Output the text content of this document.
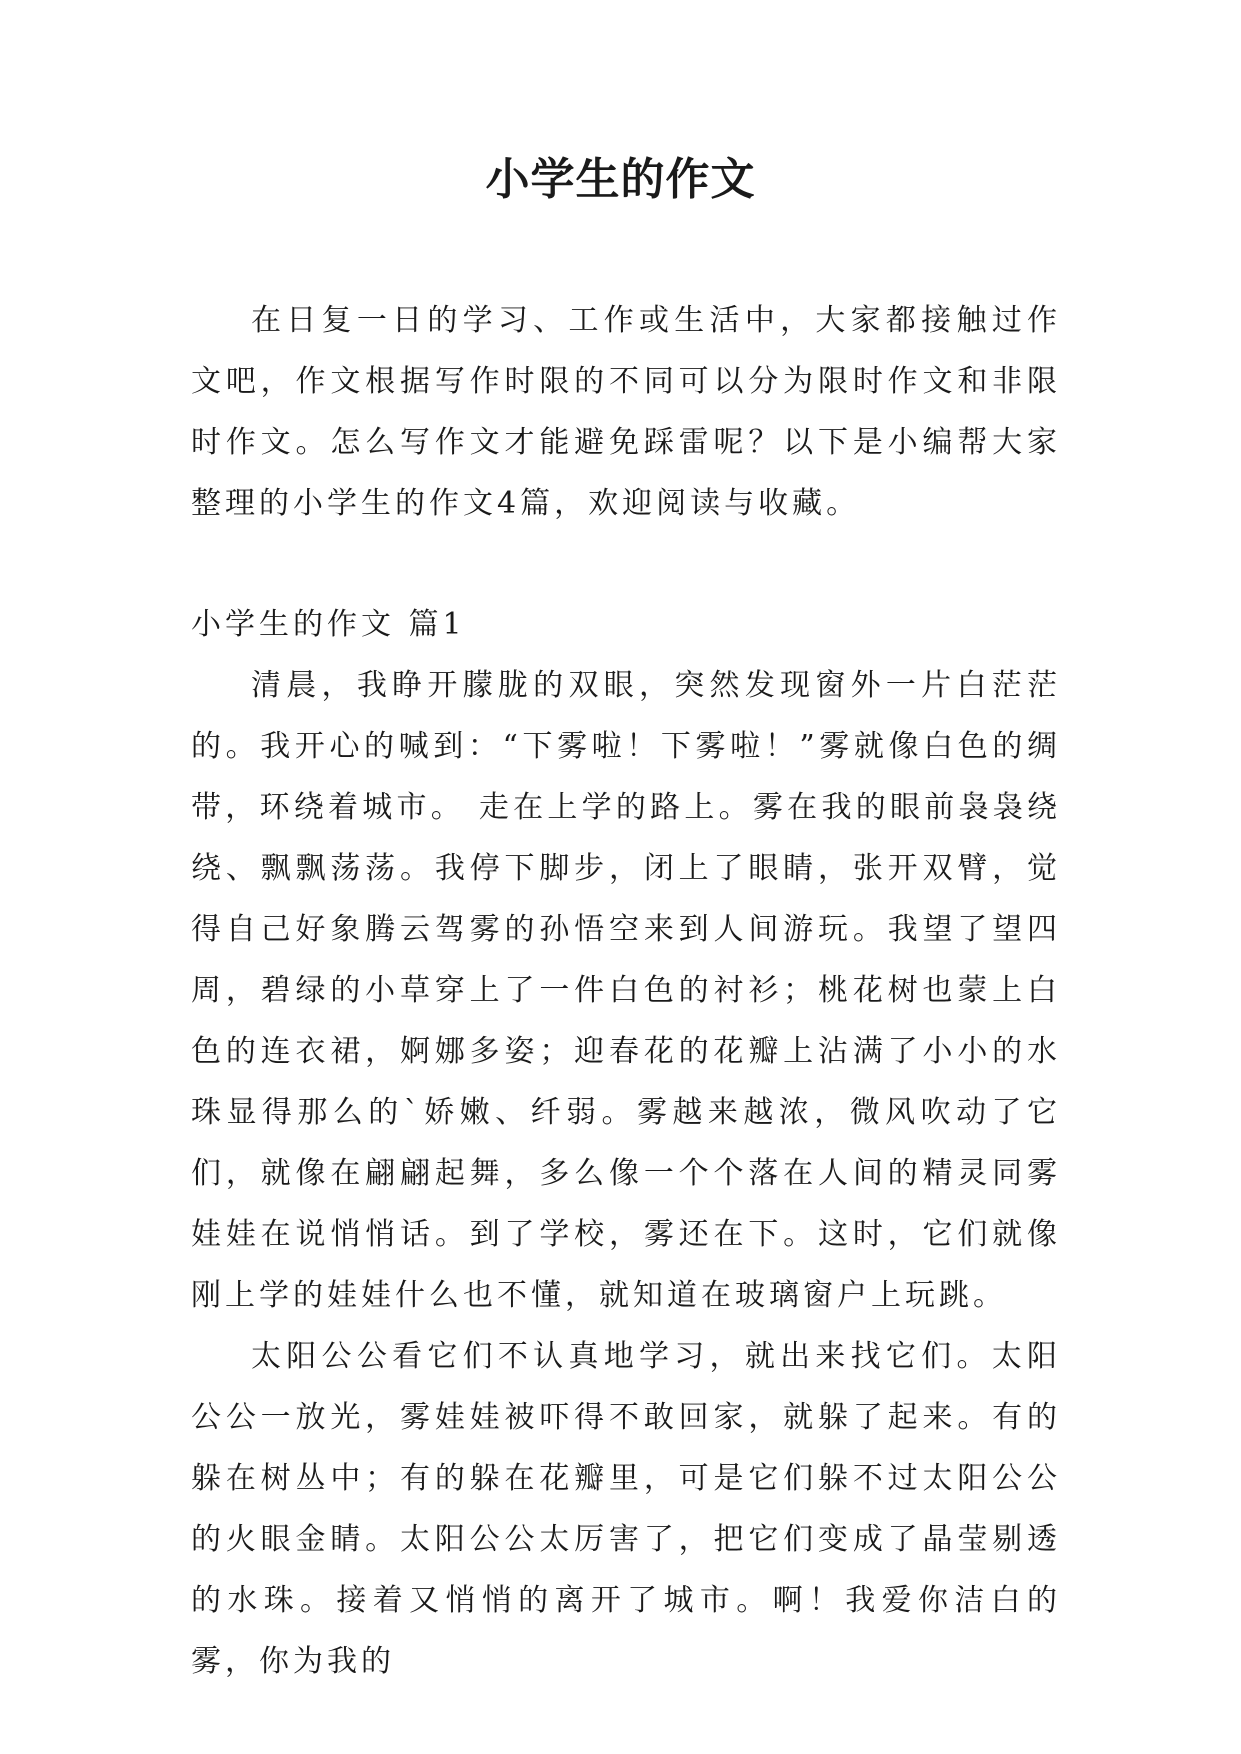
小学生的作文

在日复一日的学习、工作或生活中，大家都接触过作文吧，作文根据写作时限的不同可以分为限时作文和非限时作文。怎么写作文才能避免踩雷呢？以下是小编帮大家整理的小学生的作文4篇，欢迎阅读与收藏。

小学生的作文 篇1

清晨，我睁开朦胧的双眼，突然发现窗外一片白茫茫的。我开心的喊到：“下雾啦！下雾啦！”雾就像白色的绸带，环绕着城市。 走在上学的路上。雾在我的眼前袅袅绕绕、飘飘荡荡。我停下脚步，闭上了眼睛，张开双臂，觉得自己好象腾云驾雾的孙悟空来到人间游玩。我望了望四周，碧绿的小草穿上了一件白色的衬衫；桃花树也蒙上白色的连衣裙，婀娜多姿；迎春花的花瓣上沾满了小小的水珠显得那么的`娇嫩、纤弱。雾越来越浓，微风吹动了它们，就像在翩翩起舞，多么像一个个落在人间的精灵同雾娃娃在说悄悄话。到了学校，雾还在下。这时，它们就像刚上学的娃娃什么也不懂，就知道在玻璃窗户上玩跳。

太阳公公看它们不认真地学习，就出来找它们。太阳公公一放光，雾娃娃被吓得不敢回家，就躲了起来。有的躲在树丛中；有的躲在花瓣里，可是它们躲不过太阳公公的火眼金睛。太阳公公太厉害了，把它们变成了晶莹剔透的水珠。接着又悄悄的离开了城市。啊！我爱你洁白的雾，你为我的
